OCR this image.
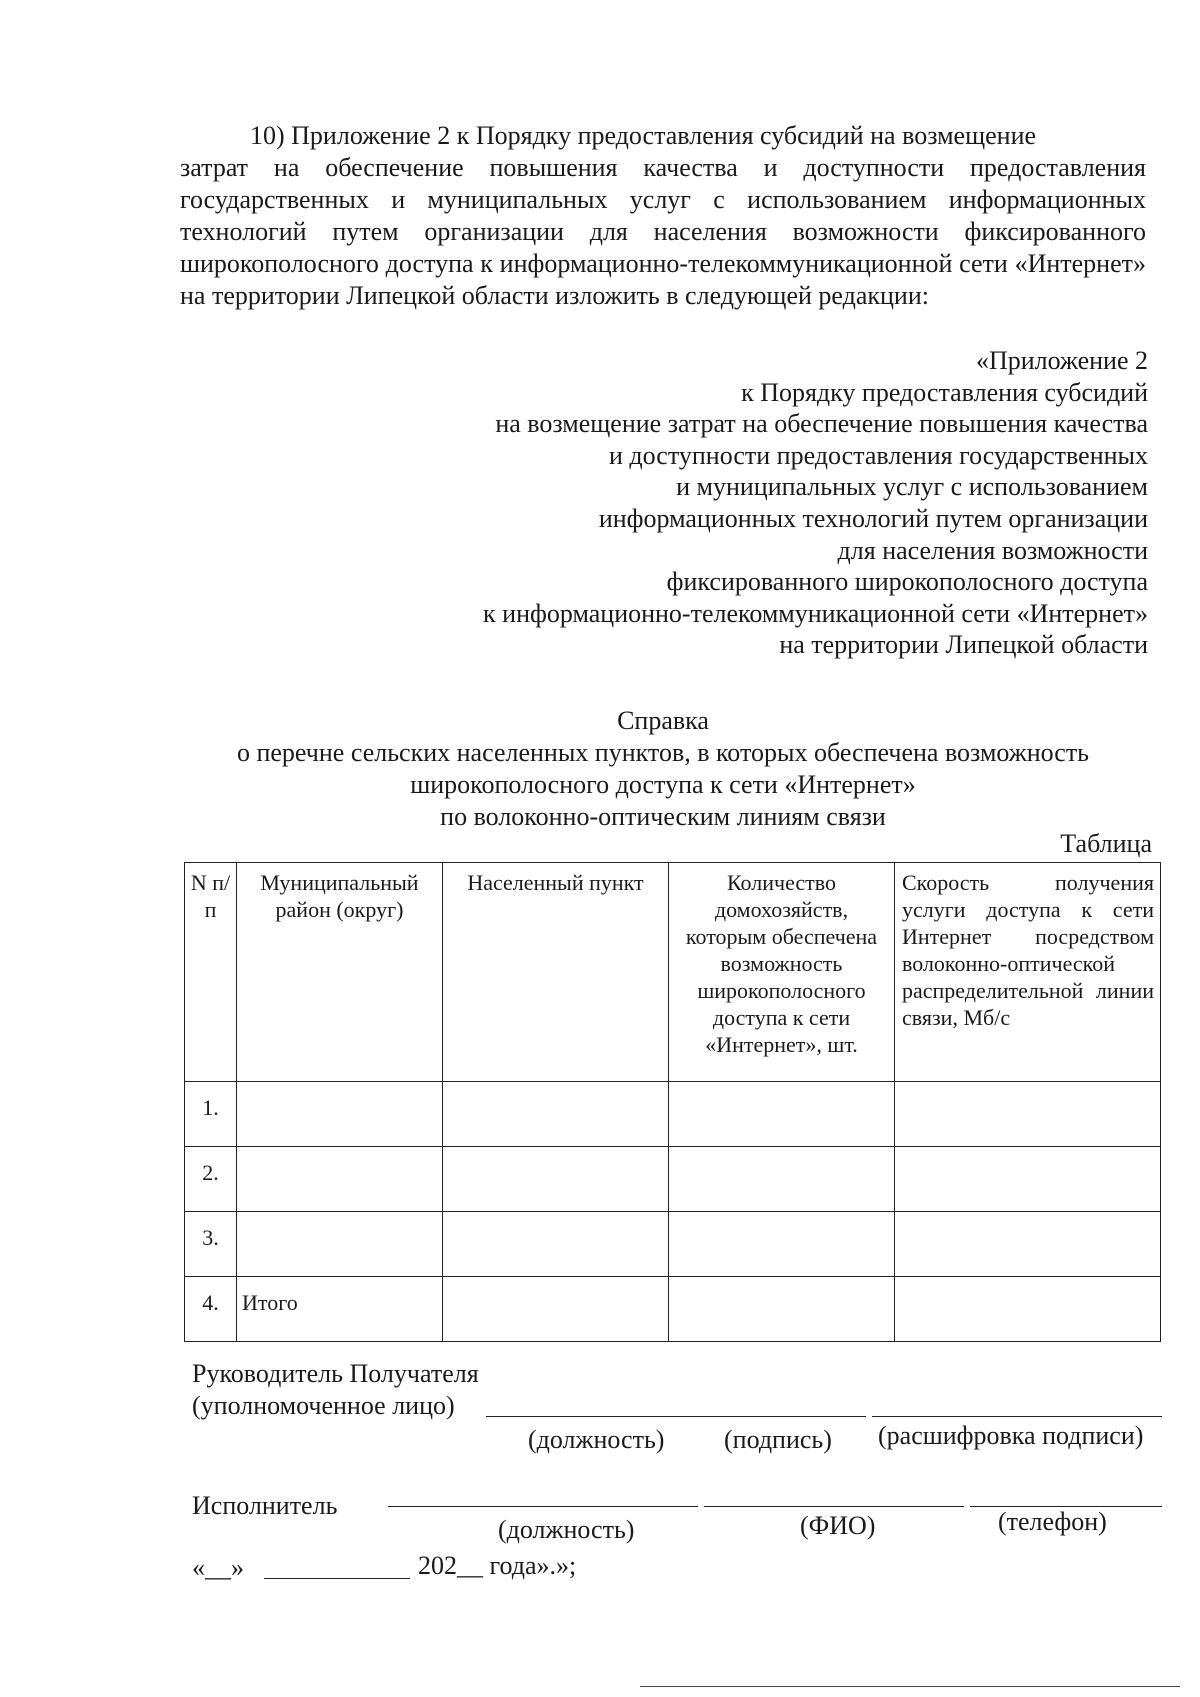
10) Приложение 2 к Порядку предоставления субсидий на возмещение
затрат на обеспечение повышения качества и доступности предоставления государственных и муниципальных услуг с использованием информационных технологий путем организации для населения возможности фиксированного широкополосного доступа к информационно-телекоммуникационной сети «Интернет» на территории Липецкой области изложить в следующей редакции:
«Приложение 2
к Порядку предоставления субсидий
на возмещение затрат на обеспечение повышения качества
и доступности предоставления государственных
и муниципальных услуг с использованием
информационных технологий путем организации
для населения возможности
фиксированного широкополосного доступа
к информационно-телекоммуникационной сети «Интернет»
на территории Липецкой области
Справка
о перечне сельских населенных пунктов, в которых обеспечена возможность
широкополосного доступа к сети «Интернет»
по волоконно-оптическим линиям связи
Таблица
N п/п	Муниципальный район (округ)	Населенный пункт	Количество домохозяйств, которым обеспечена возможность широкополосного доступа к сети «Интернет», шт.	Скорость получения услуги доступа к сети Интернет посредством волоконно-оптической распределительной линии связи, Мб/с
1.				
2.				
3.				
4.	Итого			
Руководитель Получателя
(уполномоченное лицо)
(должность) (подпись) (расшифровка подписи)
Исполнитель
(должность)	(ФИО)	(телефон)
«__»	202__ года».»;
